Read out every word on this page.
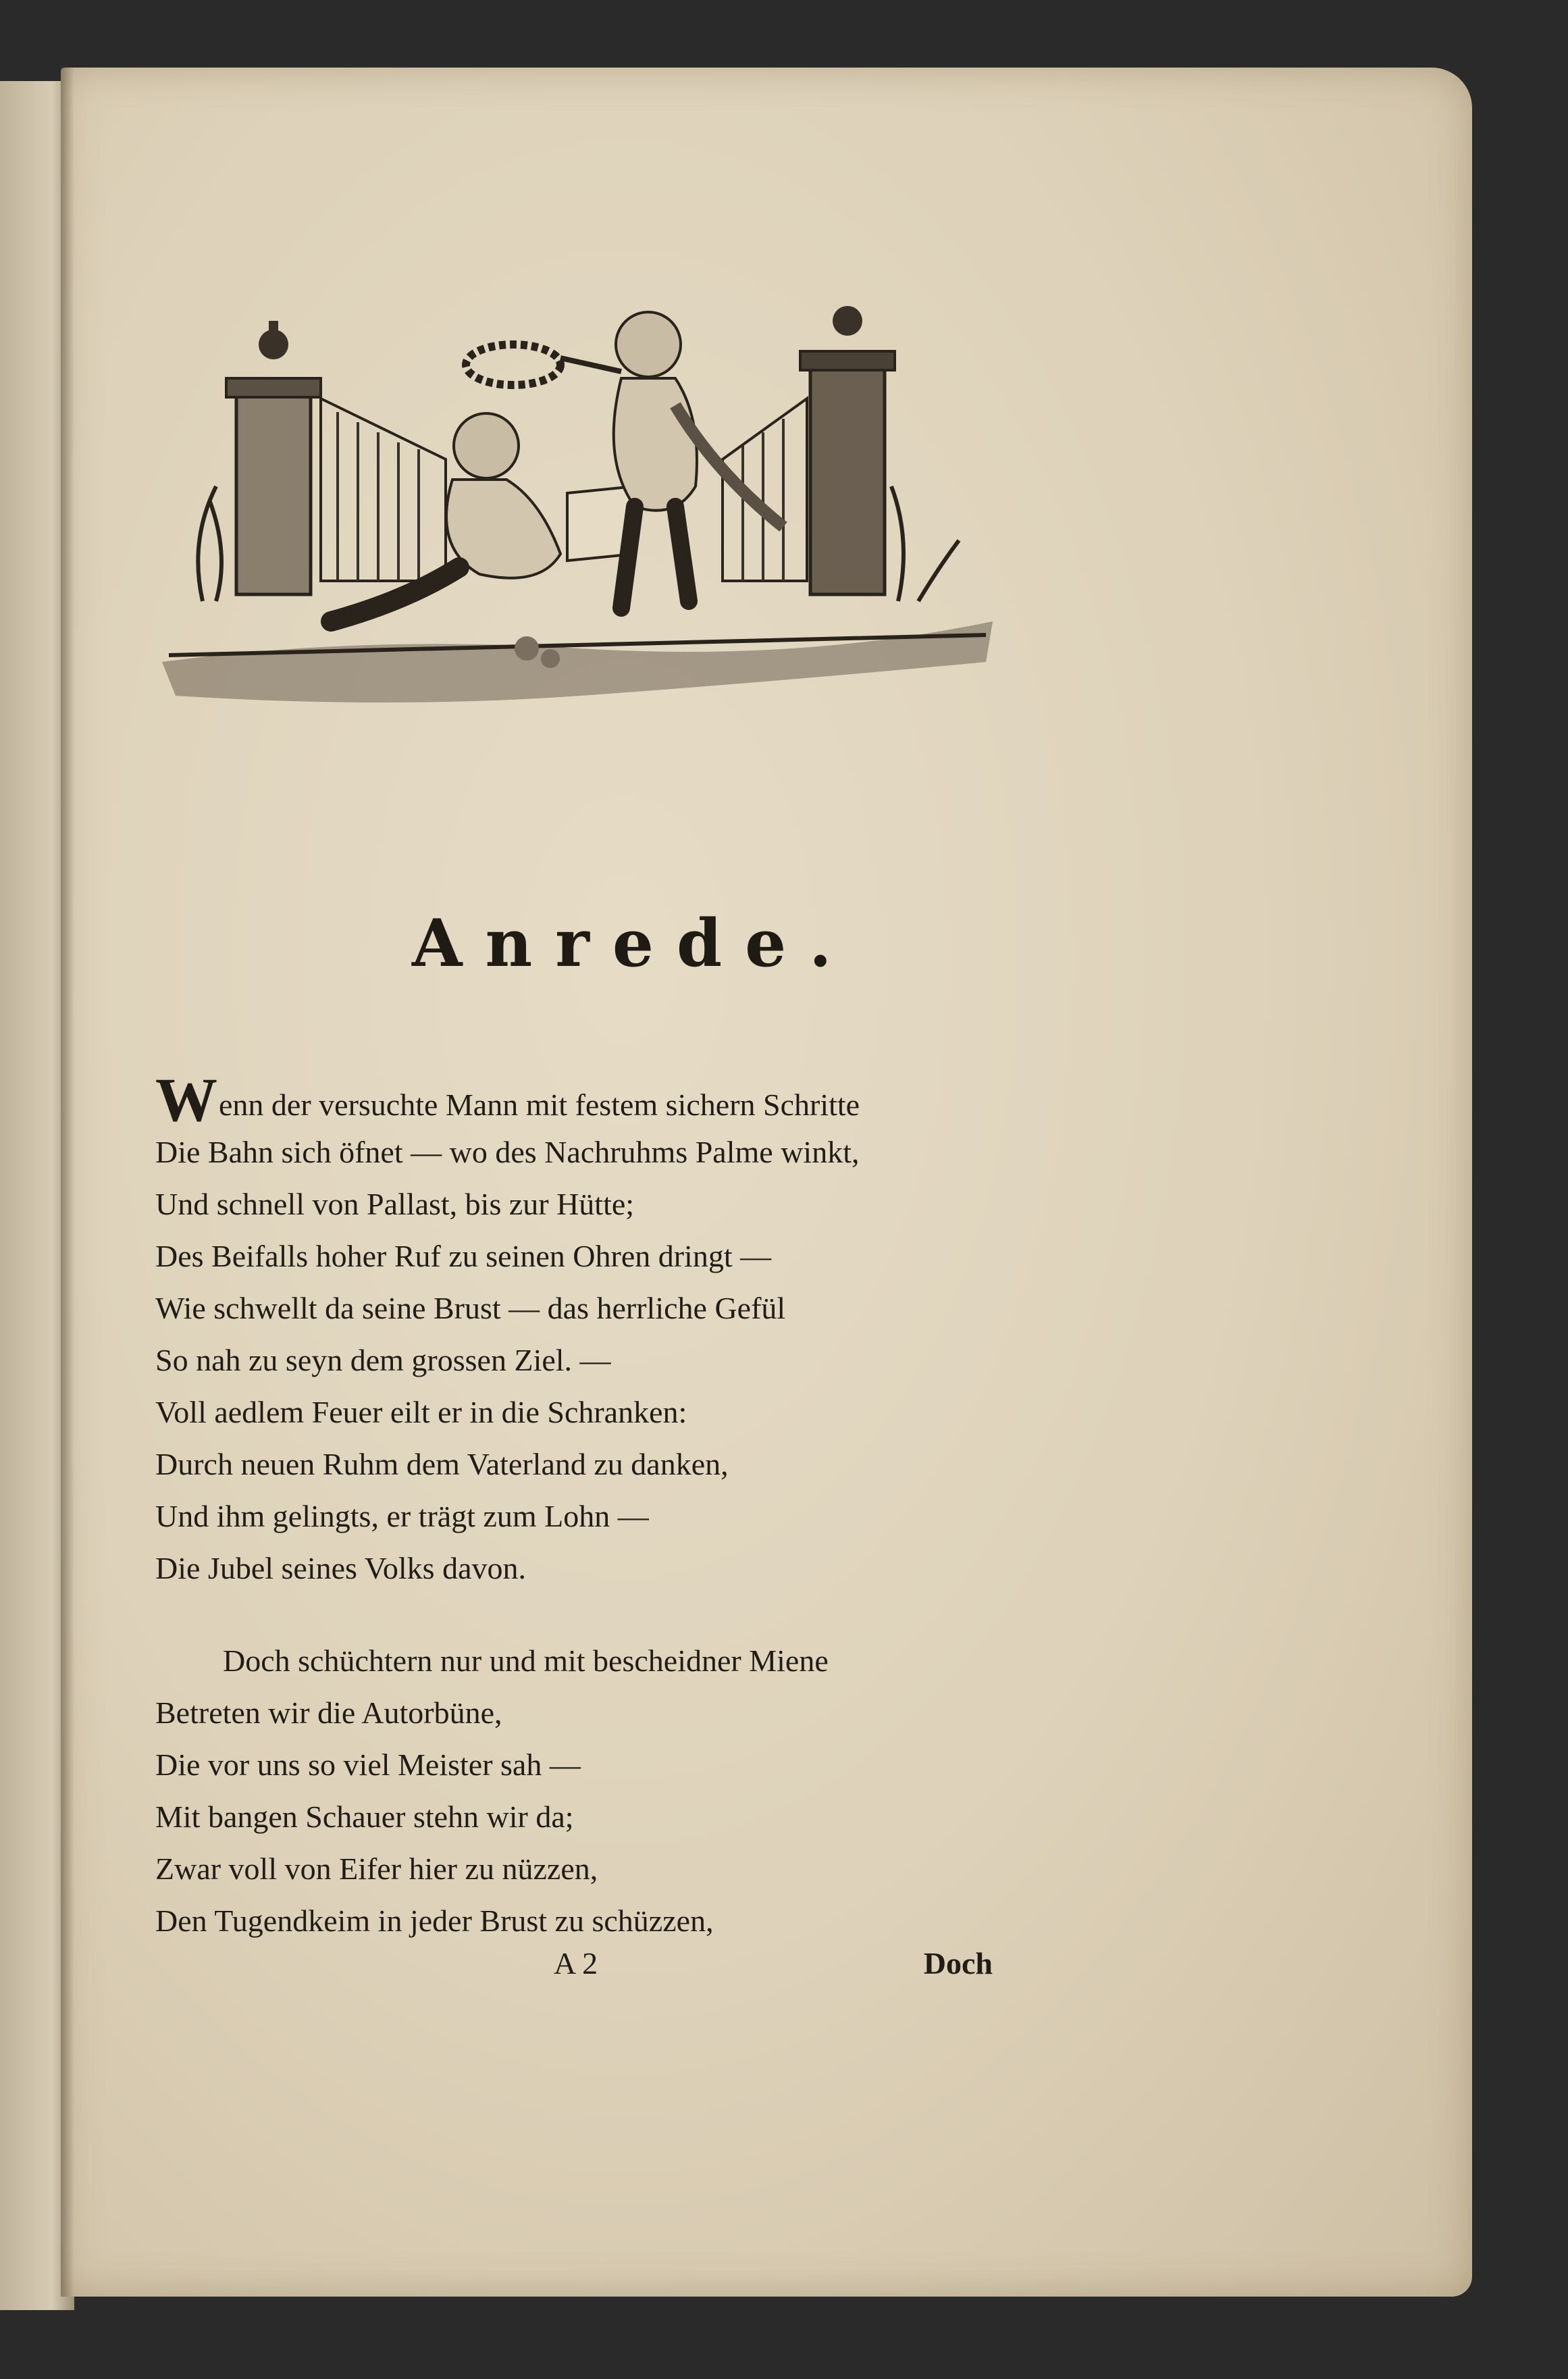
Anrede.
Wenn der versuchte Mann mit festem sichern Schritte
Die Bahn sich öfnet — wo des Nachruhms Palme winkt,
Und schnell von Pallast, bis zur Hütte;
Des Beifalls hoher Ruf zu seinen Ohren dringt —
Wie schwellt da seine Brust — das herrliche Gefül
So nah zu seyn dem grossen Ziel. —
Voll aedlem Feuer eilt er in die Schranken:
Durch neuen Ruhm dem Vaterland zu danken,
Und ihm gelingts, er trägt zum Lohn —
Die Jubel seines Volks davon.
Doch schüchtern nur und mit bescheidner Miene
Betreten wir die Autorbüne,
Die vor uns so viel Meister sah —
Mit bangen Schauer stehn wir da;
Zwar voll von Eifer hier zu nüzzen,
Den Tugendkeim in jeder Brust zu schüzzen,
A 2	Doch
